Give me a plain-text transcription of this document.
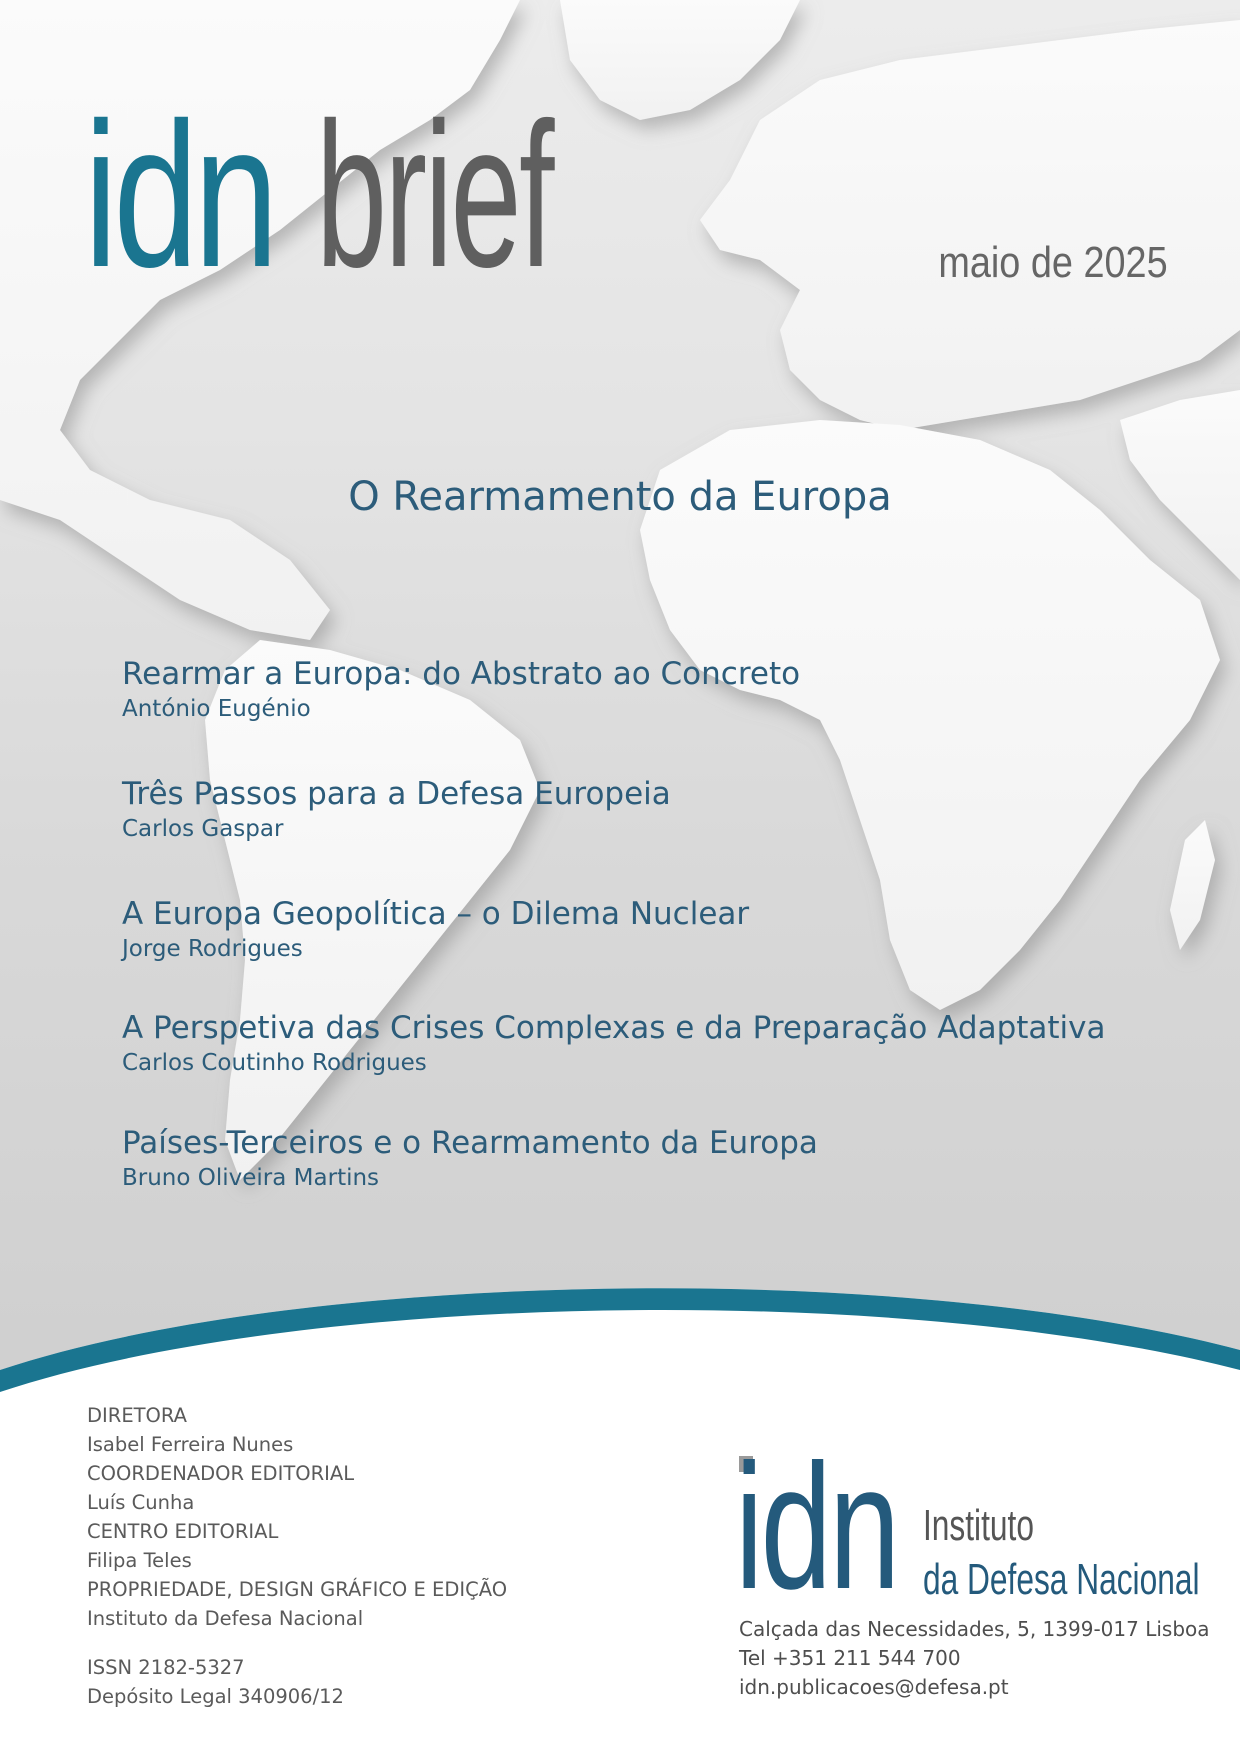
idn brief	maio de 2025
O Rearmamento da Europa
Rearmar a Europa: do Abstrato ao Concreto
António Eugénio
Três Passos para a Defesa Europeia
Carlos Gaspar
A Europa Geopolítica – o Dilema Nuclear
Jorge Rodrigues
A Perspetiva das Crises Complexas e da Preparação Adaptativa
Carlos Coutinho Rodrigues
Países-Terceiros e o Rearmamento da Europa
Bruno Oliveira Martins
DIRETORA
Isabel Ferreira Nunes
COORDENADOR EDITORIAL
Luís Cunha
CENTRO EDITORIAL
Filipa Teles
PROPRIEDADE, DESIGN GRÁFICO E EDIÇÃO
Instituto da Defesa Nacional
ISSN 2182-5327
Depósito Legal 340906/12
idn Instituto
da Defesa Nacional
Calçada das Necessidades, 5, 1399-017 Lisboa
Tel +351 211 544 700
idn.publicacoes@defesa.pt
